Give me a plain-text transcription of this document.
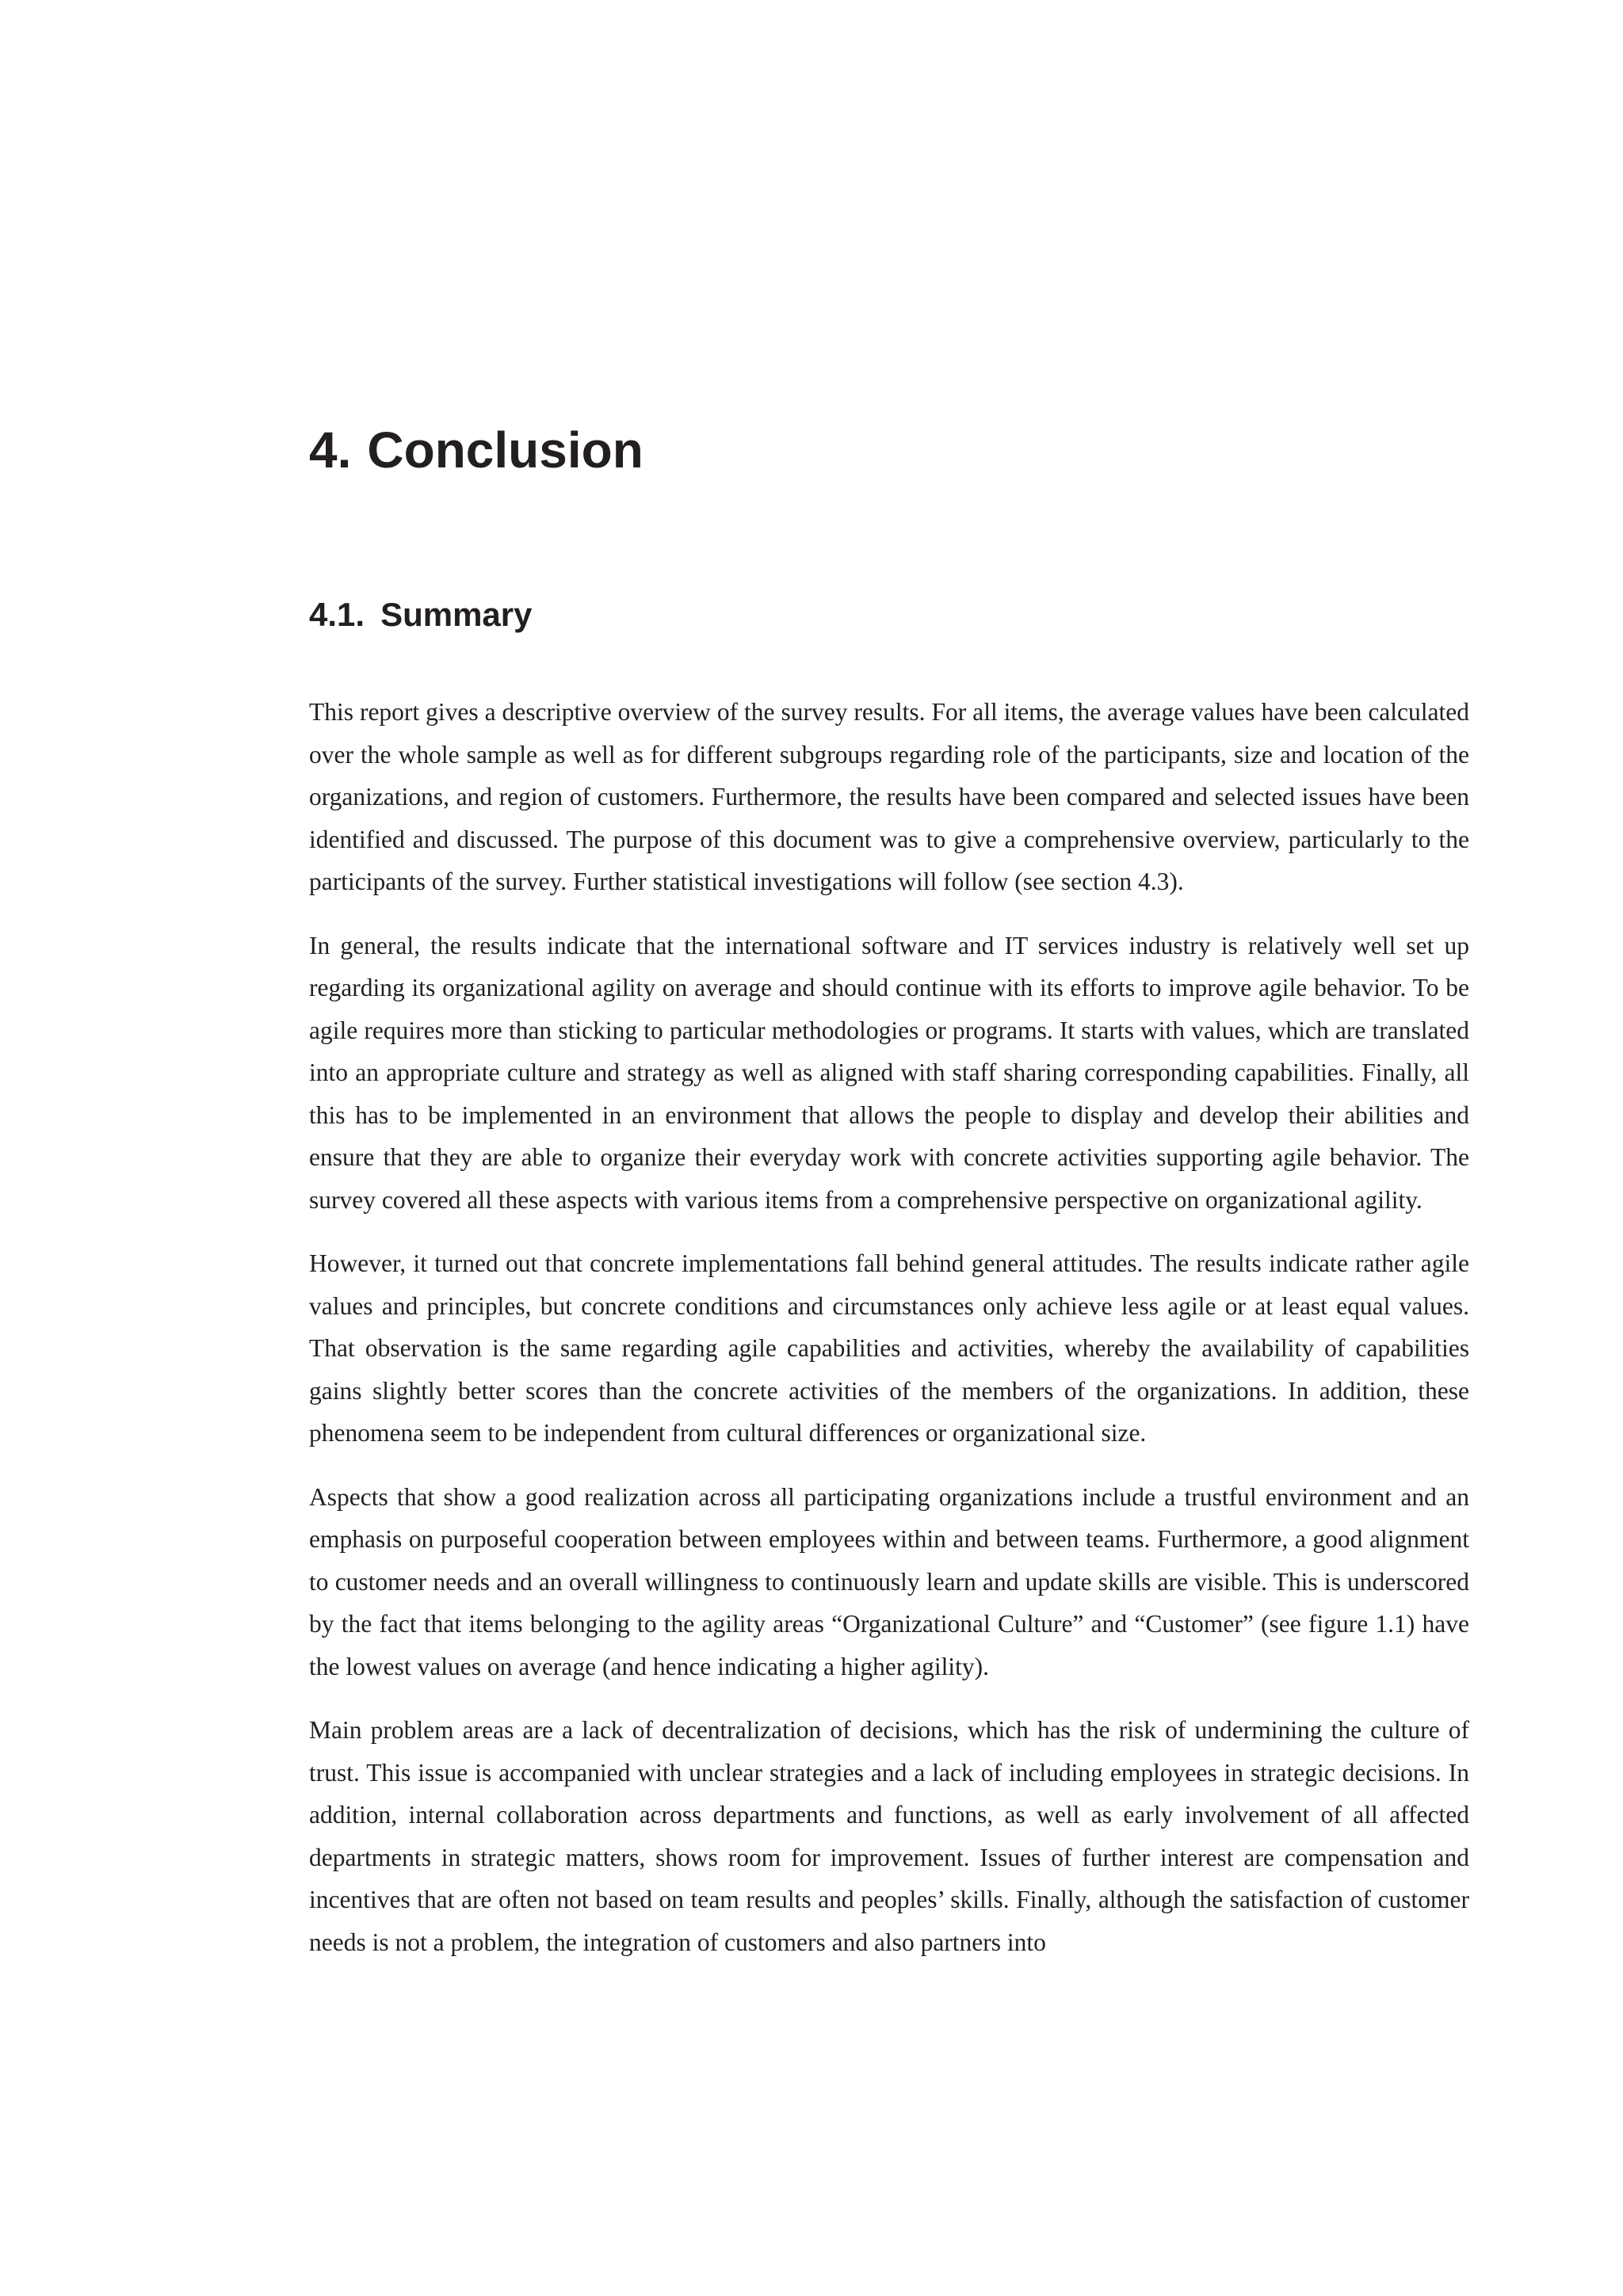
4. Conclusion
4.1. Summary

This report gives a descriptive overview of the survey results. For all items, the average values have been calculated over the whole sample as well as for different subgroups regarding role of the participants, size and location of the organizations, and region of customers. Furthermore, the results have been compared and selected issues have been identified and discussed. The purpose of this document was to give a comprehensive overview, particularly to the participants of the survey. Further statistical investigations will follow (see section 4.3).

In general, the results indicate that the international software and IT services industry is relatively well set up regarding its organizational agility on average and should continue with its efforts to improve agile behavior. To be agile requires more than sticking to particular methodologies or programs. It starts with values, which are translated into an appropriate culture and strategy as well as aligned with staff sharing corresponding capabilities. Finally, all this has to be implemented in an environment that allows the people to display and develop their abilities and ensure that they are able to organize their everyday work with concrete activities supporting agile behavior. The survey covered all these aspects with various items from a comprehensive perspective on organizational agility.

However, it turned out that concrete implementations fall behind general attitudes. The results indicate rather agile values and principles, but concrete conditions and circumstances only achieve less agile or at least equal values. That observation is the same regarding agile capabilities and activities, whereby the availability of capabilities gains slightly better scores than the concrete activities of the members of the organizations. In addition, these phenomena seem to be independent from cultural differences or organizational size.

Aspects that show a good realization across all participating organizations include a trustful environment and an emphasis on purposeful cooperation between employees within and between teams. Furthermore, a good alignment to customer needs and an overall willingness to continuously learn and update skills are visible. This is underscored by the fact that items belonging to the agility areas “Organizational Culture” and “Customer” (see figure 1.1) have the lowest values on average (and hence indicating a higher agility).

Main problem areas are a lack of decentralization of decisions, which has the risk of undermining the culture of trust. This issue is accompanied with unclear strategies and a lack of including employees in strategic decisions. In addition, internal collaboration across departments and functions, as well as early involvement of all affected departments in strategic matters, shows room for improvement. Issues of further interest are compensation and incentives that are often not based on team results and peoples’ skills. Finally, although the satisfaction of customer needs is not a problem, the integration of customers and also partners into
